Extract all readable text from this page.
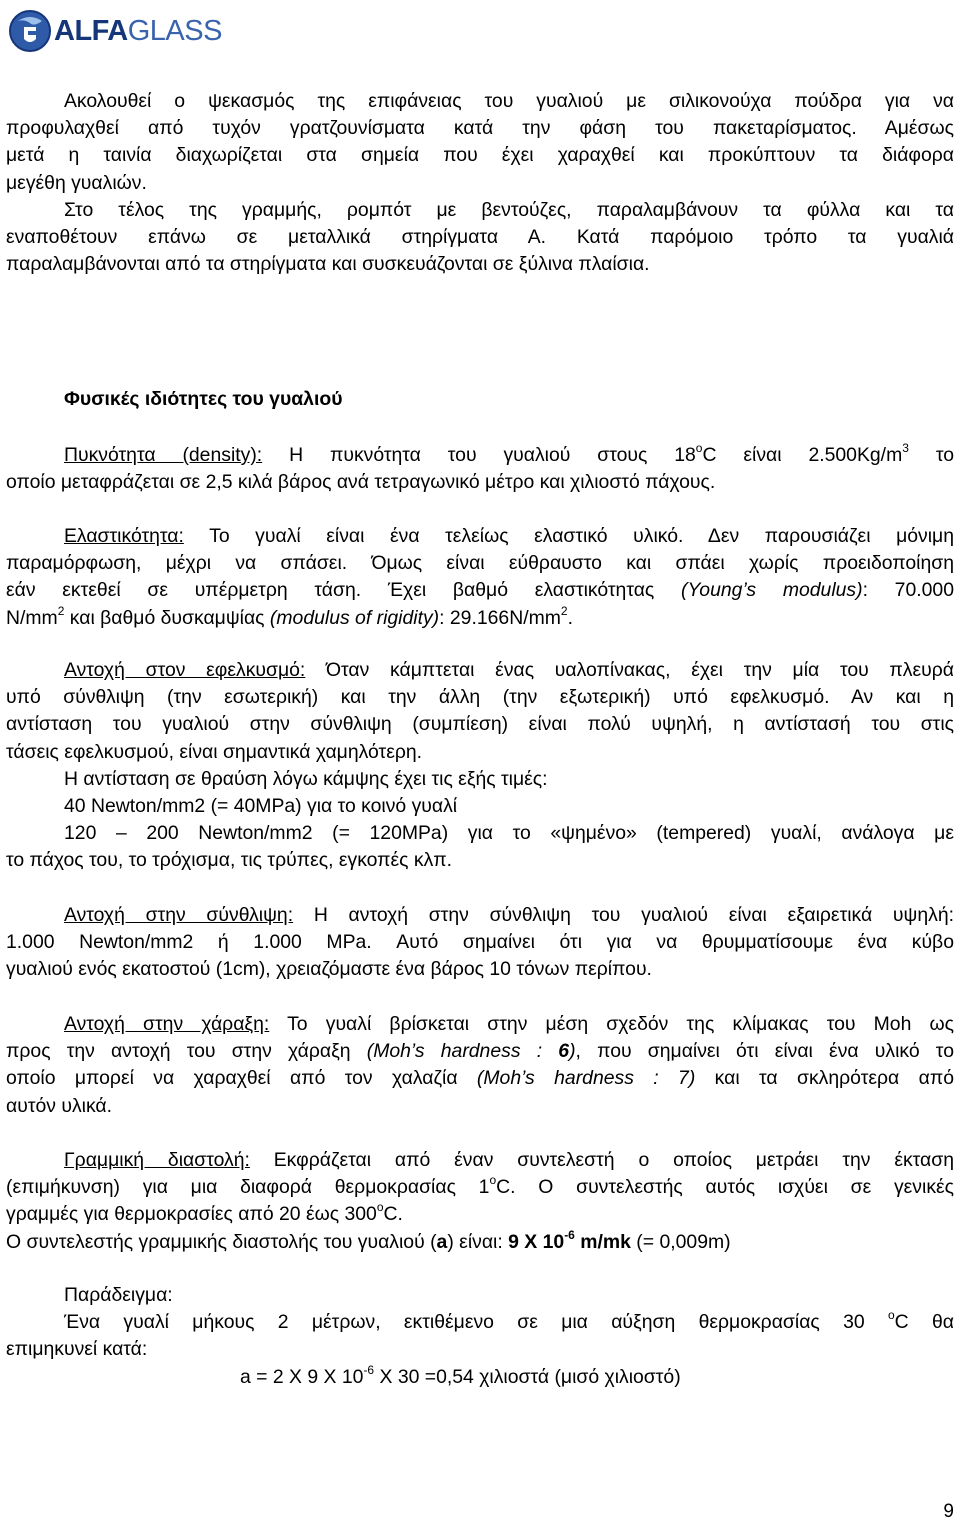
ALFAGLASS

Ακολουθεί ο ψεκασμός της επιφάνειας του γυαλιού με σιλικονούχα πούδρα για να

προφυλαχθεί από τυχόν γρατζουνίσματα κατά την φάση του πακεταρίσματος. Αμέσως

μετά η ταινία διαχωρίζεται στα σημεία που έχει χαραχθεί και προκύπτουν τα διάφορα

μεγέθη γυαλιών.

Στο τέλος της γραμμής, ρομπότ με βεντούζες, παραλαμβάνουν τα φύλλα και τα

εναποθέτουν επάνω σε μεταλλικά στηρίγματα Α. Κατά παρόμοιο τρόπο τα γυαλιά

παραλαμβάνονται από τα στηρίγματα και συσκευάζονται σε ξύλινα πλαίσια.

Φυσικές ιδιότητες του γυαλιού

Πυκνότητα (density): Η πυκνότητα του γυαλιού στους $18^oC$ είναι $2.500Kg/m^3$ το

οποίο μεταφράζεται σε 2,5 κιλά βάρος ανά τετραγωνικό μέτρο και χιλιοστό πάχους.

Ελαστικότητα: Το γυαλί είναι ένα τελείως ελαστικό υλικό. Δεν παρουσιάζει μόνιμη

παραμόρφωση, μέχρι να σπάσει. Όμως είναι εύθραυστο και σπάει χωρίς προειδοποίηση

εάν εκτεθεί σε υπέρμετρη τάση. Έχει βαθμό ελαστικότητας (Young’s modulus): 70.000

$N/mm^2$ και βαθμό δυσκαμψίας (modulus of rigidity): $29.166N/mm^2$.

Αντοχή στον εφελκυσμό: Όταν κάμπτεται ένας υαλοπίνακας, έχει την μία του πλευρά

υπό σύνθλιψη (την εσωτερική) και την άλλη (την εξωτερική) υπό εφελκυσμό. Αν και η

αντίσταση του γυαλιού στην σύνθλιψη (συμπίεση) είναι πολύ υψηλή, η αντίστασή του στις

τάσεις εφελκυσμού, είναι σημαντικά χαμηλότερη.

Η αντίσταση σε θραύση λόγω κάμψης έχει τις εξής τιμές:

40 Newton/mm2 (= 40MPa) για το κοινό γυαλί

120 – 200 Newton/mm2 (= 120MPa) για το «ψημένο» (tempered) γυαλί, ανάλογα με

το πάχος του, το τρόχισμα, τις τρύπες, εγκοπές κλπ.

Αντοχή στην σύνθλιψη: Η αντοχή στην σύνθλιψη του γυαλιού είναι εξαιρετικά υψηλή:

1.000 Newton/mm2 ή 1.000 MPa. Αυτό σημαίνει ότι για να θρυμματίσουμε ένα κύβο

γυαλιού ενός εκατοστού (1cm), χρειαζόμαστε ένα βάρος 10 τόνων περίπου.

Αντοχή στην χάραξη: Το γυαλί βρίσκεται στην μέση σχεδόν της κλίμακας του Moh ως

προς την αντοχή του στην χάραξη (Moh’s hardness : 6), που σημαίνει ότι είναι ένα υλικό το

οποίο μπορεί να χαραχθεί από τον χαλαζία (Moh’s hardness : 7) και τα σκληρότερα από

αυτόν υλικά.

Γραμμική διαστολή: Εκφράζεται από έναν συντελεστή ο οποίος μετράει την έκταση

(επιμήκυνση) για μια διαφορά θερμοκρασίας $1^oC$. Ο συντελεστής αυτός ισχύει σε γενικές

γραμμές για θερμοκρασίες από 20 έως $300^oC$.

Ο συντελεστής γραμμικής διαστολής του γυαλιού (a) είναι: 9 X $10^{-6}$ m/mk (= 0,009m)

Παράδειγμα:

Ένα γυαλί μήκους 2 μέτρων, εκτιθέμενο σε μια αύξηση θερμοκρασίας 30 $^o$C θα

επιμηκυνεί κατά:

a = 2 X 9 X $10^{-6}$ X 30 =0,54 χιλιοστά (μισό χιλιοστό)

9
